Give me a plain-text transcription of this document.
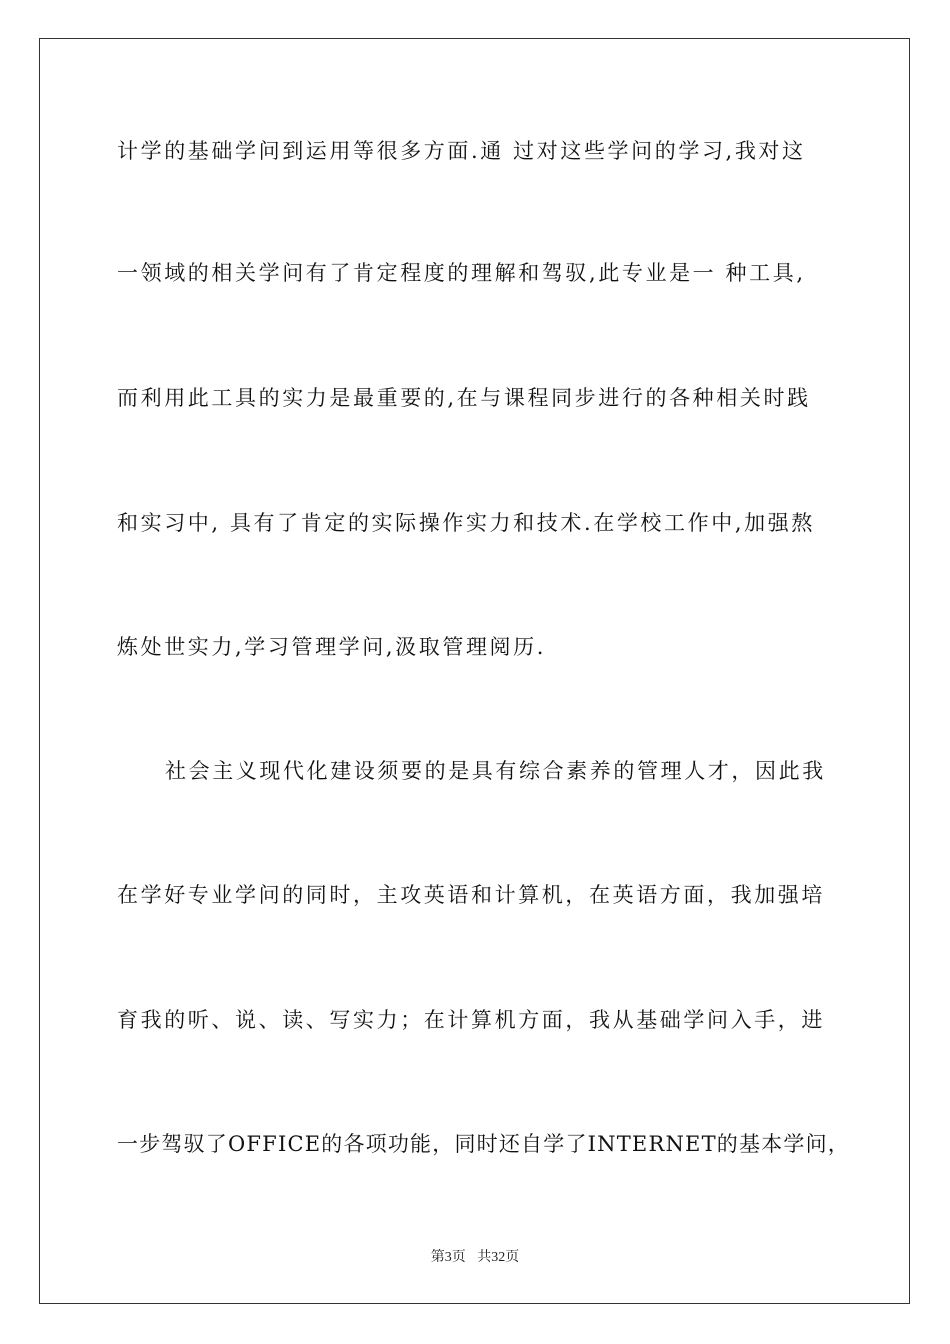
计学的基础学问到运用等很多方面.通 过对这些学问的学习,我对这
一领域的相关学问有了肯定程度的理解和驾驭,此专业是一 种工具,
而利用此工具的实力是最重要的,在与课程同步进行的各种相关时践
和实习中, 具有了肯定的实际操作实力和技术.在学校工作中,加强熬
炼处世实力,学习管理学问,汲取管理阅历.
社会主义现代化建设须要的是具有综合素养的管理人才，因此我
在学好专业学问的同时，主攻英语和计算机，在英语方面，我加强培
育我的听、说、读、写实力；在计算机方面，我从基础学问入手，进
一步驾驭了OFFICE的各项功能，同时还自学了INTERNET的基本学问，
第3页 共32页
